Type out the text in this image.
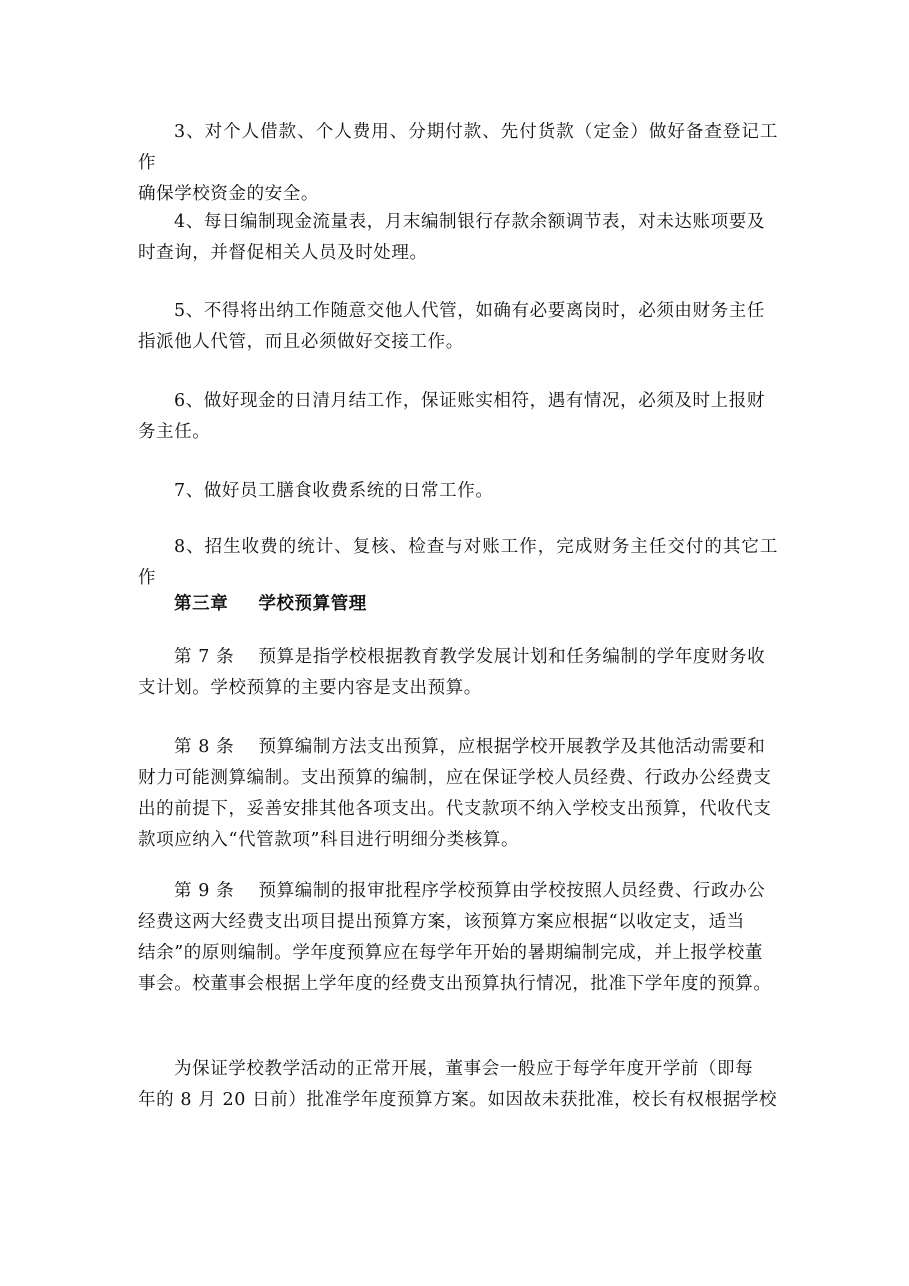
3、对个人借款、个人费用、分期付款、先付货款（定金）做好备查登记工作
确保学校资金的安全。

4、每日编制现金流量表，月末编制银行存款余额调节表，对未达账项要及
时查询，并督促相关人员及时处理。

5、不得将出纳工作随意交他人代管，如确有必要离岗时，必须由财务主任
指派他人代管，而且必须做好交接工作。

6、做好现金的日清月结工作，保证账实相符，遇有情况，必须及时上报财
务主任。

7、做好员工膳食收费系统的日常工作。

8、招生收费的统计、复核、检查与对账工作，完成财务主任交付的其它工作

第三章 学校预算管理

第 7 条　 预算是指学校根据教育教学发展计划和任务编制的学年度财务收
支计划。学校预算的主要内容是支出预算。

第 8 条　 预算编制方法支出预算，应根据学校开展教学及其他活动需要和
财力可能测算编制。支出预算的编制，应在保证学校人员经费、行政办公经费支
出的前提下，妥善安排其他各项支出。代支款项不纳入学校支出预算，代收代支
款项应纳入“代管款项”科目进行明细分类核算。

第 9 条　 预算编制的报审批程序学校预算由学校按照人员经费、行政办公
经费这两大经费支出项目提出预算方案，该预算方案应根据“以收定支，适当
结余”的原则编制。学年度预算应在每学年开始的暑期编制完成，并上报学校董
事会。校董事会根据上学年度的经费支出预算执行情况，批准下学年度的预算。

为保证学校教学活动的正常开展，董事会一般应于每学年度开学前（即每
年的 8 月 20 日前）批准学年度预算方案。如因故未获批准，校长有权根据学校
